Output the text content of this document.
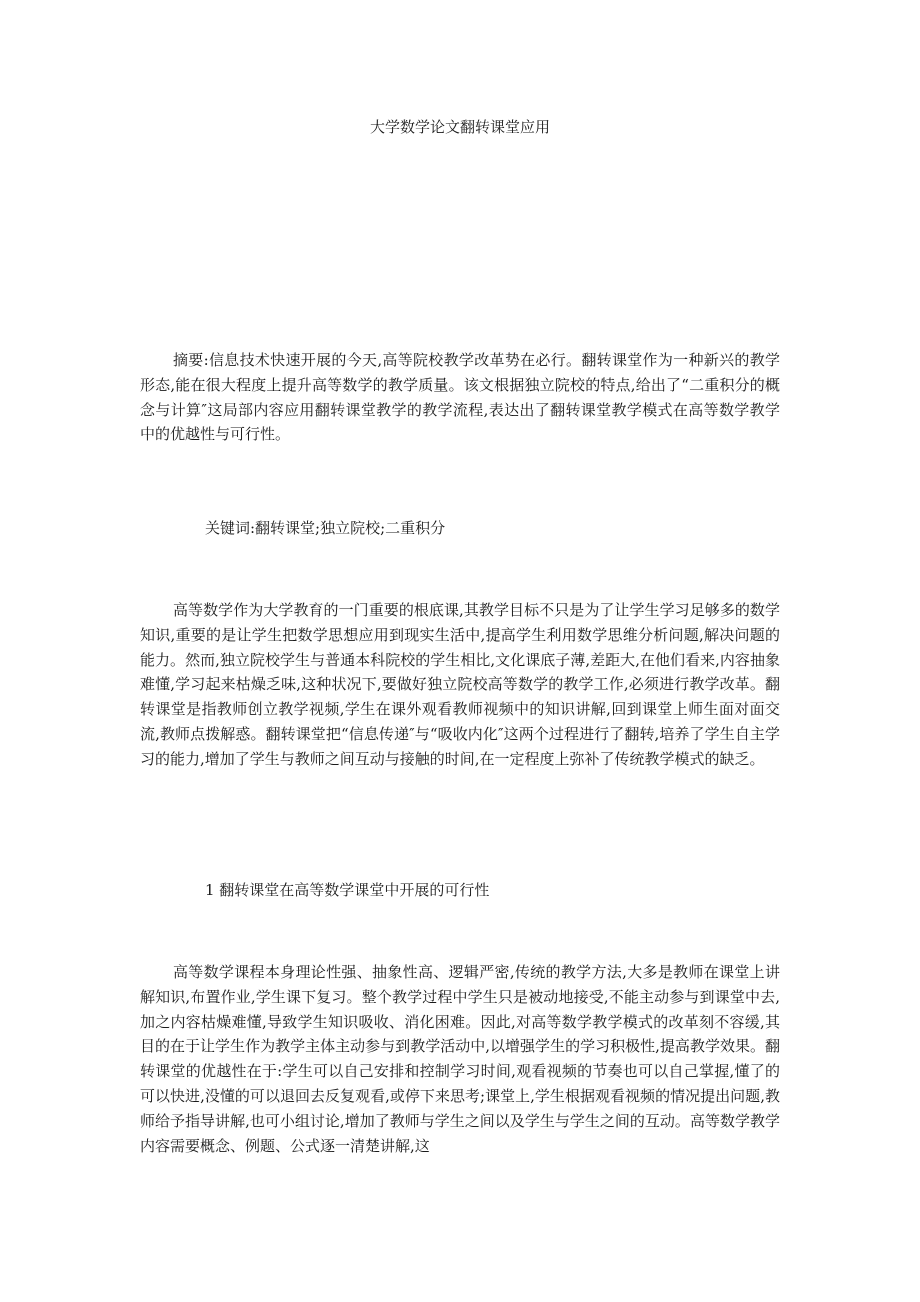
大学数学论文翻转课堂应用

摘要:信息技术快速开展的今天,高等院校教学改革势在必行。翻转课堂作为一种新兴的教学形态,能在很大程度上提升高等数学的教学质量。该文根据独立院校的特点,给出了“二重积分的概念与计算″这局部内容应用翻转课堂教学的教学流程,表达出了翻转课堂教学模式在高等数学教学中的优越性与可行性。

关键词:翻转课堂;独立院校;二重积分

高等数学作为大学教育的一门重要的根底课,其教学目标不只是为了让学生学习足够多的数学知识,重要的是让学生把数学思想应用到现实生活中,提高学生利用数学思维分析问题,解决问题的能力。然而,独立院校学生与普通本科院校的学生相比,文化课底子薄,差距大,在他们看来,内容抽象难懂,学习起来枯燥乏味,这种状况下,要做好独立院校高等数学的教学工作,必须进行教学改革。翻转课堂是指教师创立教学视频,学生在课外观看教师视频中的知识讲解,回到课堂上师生面对面交流,教师点拨解惑。翻转课堂把“信息传递″与“吸收内化″这两个过程进行了翻转,培养了学生自主学习的能力,增加了学生与教师之间互动与接触的时间,在一定程度上弥补了传统教学模式的缺乏。

1 翻转课堂在高等数学课堂中开展的可行性

高等数学课程本身理论性强、抽象性高、逻辑严密,传统的教学方法,大多是教师在课堂上讲解知识,布置作业,学生课下复习。整个教学过程中学生只是被动地接受,不能主动参与到课堂中去,加之内容枯燥难懂,导致学生知识吸收、消化困难。因此,对高等数学教学模式的改革刻不容缓,其目的在于让学生作为教学主体主动参与到教学活动中,以增强学生的学习积极性,提高教学效果。翻转课堂的优越性在于:学生可以自己安排和控制学习时间,观看视频的节奏也可以自己掌握,懂了的可以快进,没懂的可以退回去反复观看,或停下来思考;课堂上,学生根据观看视频的情况提出问题,教师给予指导讲解,也可小组讨论,增加了教师与学生之间以及学生与学生之间的互动。高等数学教学内容需要概念、例题、公式逐一清楚讲解,这
